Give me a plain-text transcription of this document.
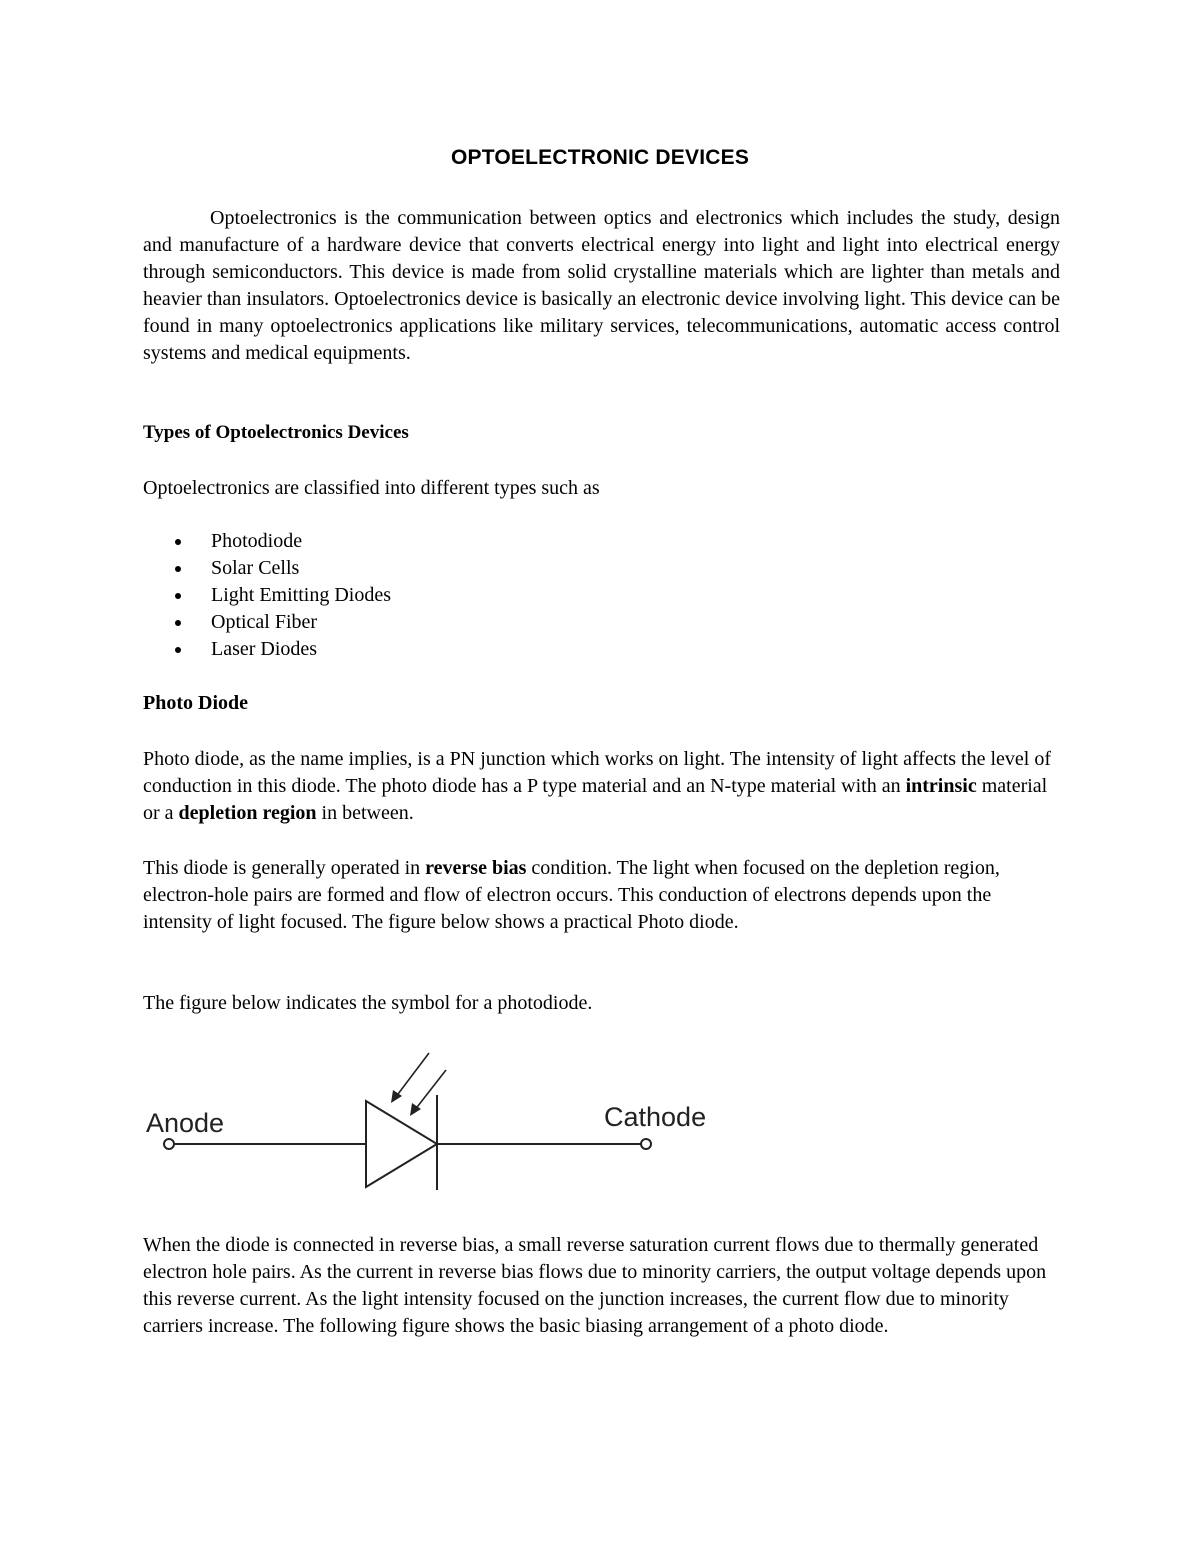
OPTOELECTRONIC DEVICES

Optoelectronics is the communication between optics and electronics which includes the study, design and manufacture of a hardware device that converts electrical energy into light and light into electrical energy through semiconductors. This device is made from solid crystalline materials which are lighter than metals and heavier than insulators. Optoelectronics device is basically an electronic device involving light. This device can be found in many optoelectronics applications like military services, telecommunications, automatic access control systems and medical equipments.

Types of Optoelectronics Devices

Optoelectronics are classified into different types such as

Photodiode
Solar Cells
Light Emitting Diodes
Optical Fiber
Laser Diodes

Photo Diode

Photo diode, as the name implies, is a PN junction which works on light. The intensity of light affects the level of conduction in this diode. The photo diode has a P type material and an N-type material with an intrinsic material or a depletion region in between.

This diode is generally operated in reverse bias condition. The light when focused on the depletion region, electron-hole pairs are formed and flow of electron occurs. This conduction of electrons depends upon the intensity of light focused. The figure below shows a practical Photo diode.

The figure below indicates the symbol for a photodiode.

Anode	Cathode

When the diode is connected in reverse bias, a small reverse saturation current flows due to thermally generated electron hole pairs. As the current in reverse bias flows due to minority carriers, the output voltage depends upon this reverse current. As the light intensity focused on the junction increases, the current flow due to minority carriers increase. The following figure shows the basic biasing arrangement of a photo diode.
